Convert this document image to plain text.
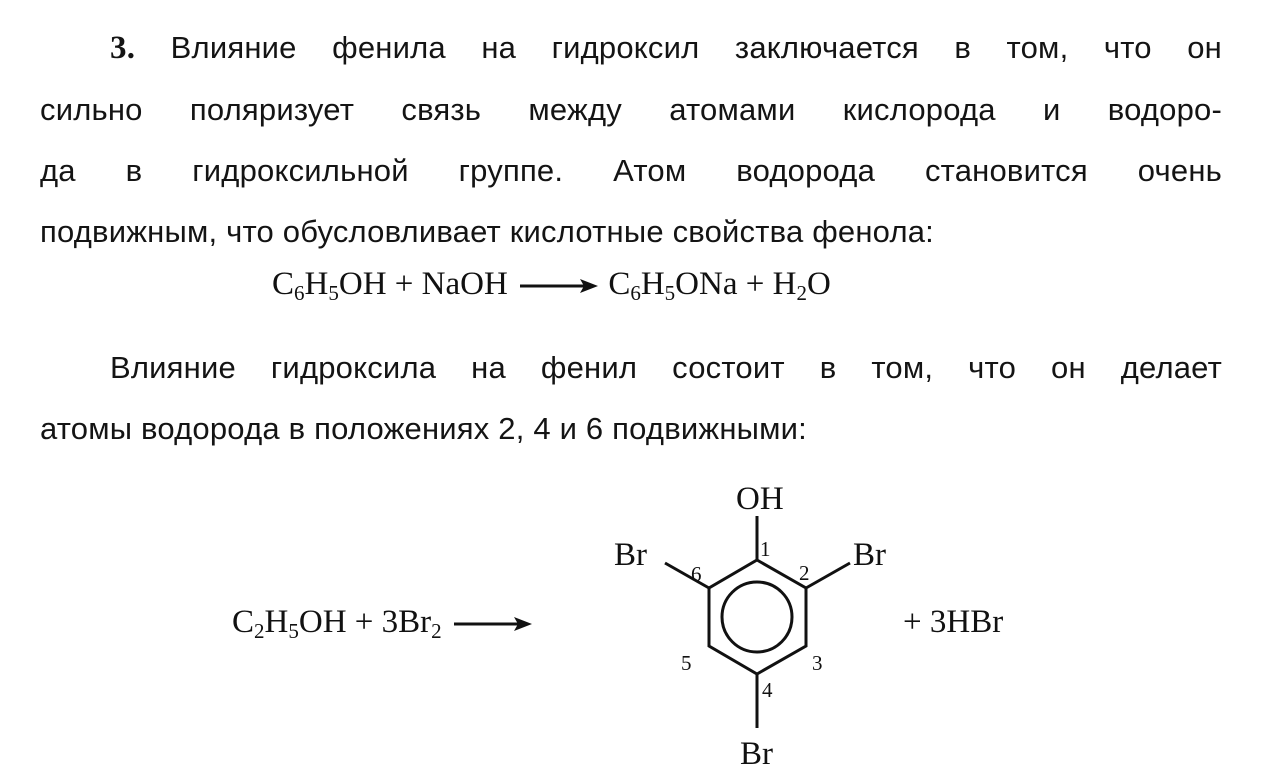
3. Влияние фенила на гидроксил заключается в том, что он
сильно поляризует связь между атомами кислорода и водоро-
да в гидроксильной группе. Атом водорода становится очень
подвижным, что обусловливает кислотные свойства фенола:
$C_6H_5OH$ + NaOH → $C_6H_5ONa + H_2O$
Влияние гидроксила на фенил состоит в том, что он делает
атомы водорода в положениях 2, 4 и 6 подвижными:
$C_2H_5OH + 3Br_2$ →	+ 3HBr
OH
Br	Br
Br
1
2
3
4
5
6
